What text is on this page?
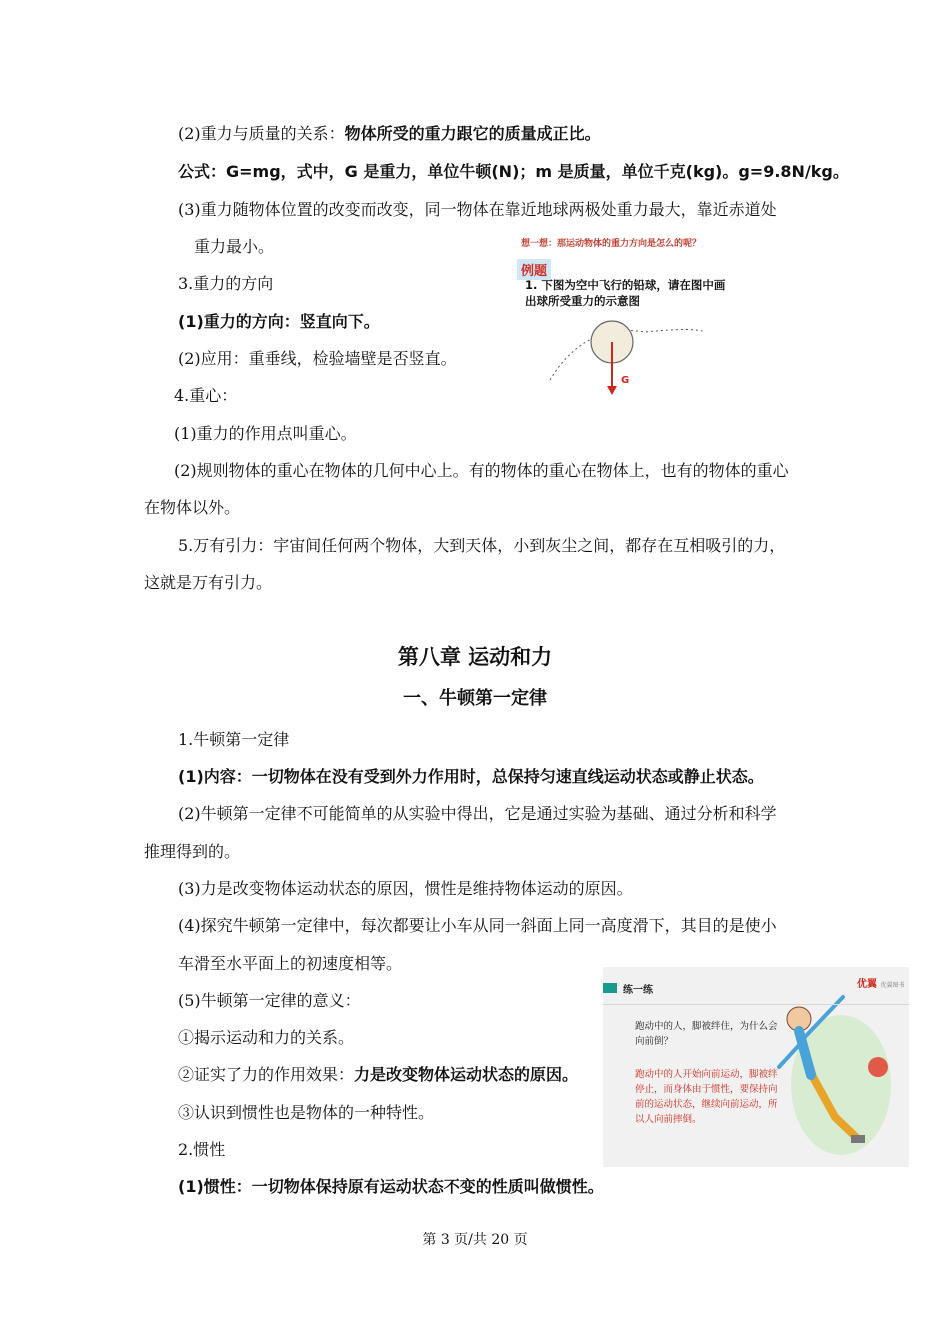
(2)重力与质量的关系：物体所受的重力跟它的质量成正比。
公式：G=mg，式中，G 是重力，单位牛顿(N)；m 是质量，单位千克(kg)。g=9.8N/kg。
(3)重力随物体位置的改变而改变，同一物体在靠近地球两极处重力最大，靠近赤道处
重力最小。
3.重力的方向
(1)重力的方向：竖直向下。
(2)应用：重垂线，检验墙壁是否竖直。
4.重心：
(1)重力的作用点叫重心。
(2)规则物体的重心在物体的几何中心上。有的物体的重心在物体上，也有的物体的重心
在物体以外。
5.万有引力：宇宙间任何两个物体，大到天体，小到灰尘之间，都存在互相吸引的力，
这就是万有引力。
想一想：那运动物体的重力方向是怎么的呢？
例题
1. 下图为空中飞行的铅球，请在图中画
出球所受重力的示意图
G
第八章 运动和力
一、牛顿第一定律
1.牛顿第一定律
(1)内容：一切物体在没有受到外力作用时，总保持匀速直线运动状态或静止状态。
(2)牛顿第一定律不可能简单的从实验中得出，它是通过实验为基础、通过分析和科学
推理得到的。
(3)力是改变物体运动状态的原因，惯性是维持物体运动的原因。
(4)探究牛顿第一定律中，每次都要让小车从同一斜面上同一高度滑下，其目的是使小
车滑至水平面上的初速度相等。
(5)牛顿第一定律的意义：
①揭示运动和力的关系。
②证实了力的作用效果：力是改变物体运动状态的原因。
③认识到惯性也是物体的一种特性。
2.惯性
(1)惯性：一切物体保持原有运动状态不变的性质叫做惯性。
练一练
优翼 优翼图书
跑动中的人，脚被绊住，为什么会向前倒？
跑动中的人开始向前运动，脚被绊停止，而身体由于惯性，要保持向前的运动状态，继续向前运动，所以人向前摔倒。
第 3 页/共 20 页
